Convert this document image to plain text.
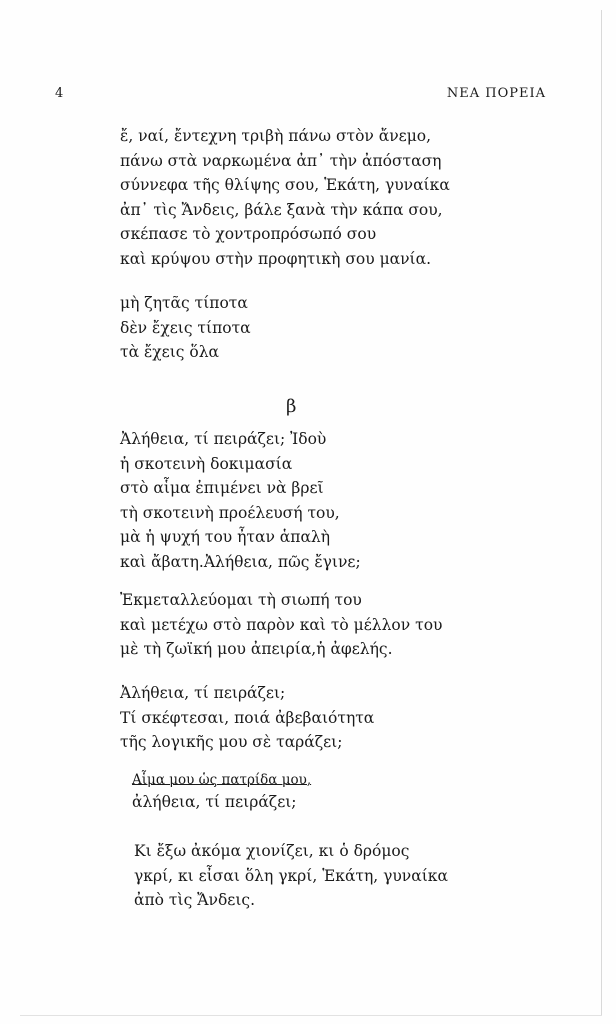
4	ΝΕΑ ΠΟΡΕΙΑ
ἔ, ναί, ἔντεχνη τριβὴ πάνω στὸν ἄνεμο,
πάνω στὰ ναρκωμένα ἀπ᾽ τὴν ἀπόσταση
σύννεφα τῆς θλίψης σου, Ἑκάτη, γυναίκα
ἀπ᾽ τὶς Ἄνδεις, βάλε ξανὰ τὴν κάπα σου,
σκέπασε τὸ χοντροπρόσωπό σου
καὶ κρύψου στὴν προφητικὴ σου μανία.
μὴ ζητᾶς τίποτα
δὲν ἔχεις τίποτα
τὰ ἔχεις ὅλα
β
Ἀλήθεια, τί πειράζει; Ἰδοὺ
ἡ σκοτεινὴ δοκιμασία
στὸ αἷμα ἐπιμένει νὰ βρεῖ
τὴ σκοτεινὴ προέλευσή του,
μὰ ἡ ψυχή του ἦταν ἁπαλὴ
καὶ ἄβατη.Ἀλήθεια, πῶς ἔγινε;
Ἐκμεταλλεύομαι τὴ σιωπή του
καὶ μετέχω στὸ παρὸν καὶ τὸ μέλλον του
μὲ τὴ ζωϊκή μου ἀπειρία,ἡ ἀφελής.
Ἀλήθεια, τί πειράζει;
Τί σκέφτεσαι, ποιά ἀβεβαιότητα
τῆς λογικῆς μου σὲ ταράζει;
Αἷμα μου ὡς πατρίδα μου,
ἀλήθεια, τί πειράζει;
Κι ἔξω ἀκόμα χιονίζει, κι ὁ δρόμος
γκρί, κι εἶσαι ὅλη γκρί, Ἑκάτη, γυναίκα
ἀπὸ τὶς Ἄνδεις.
